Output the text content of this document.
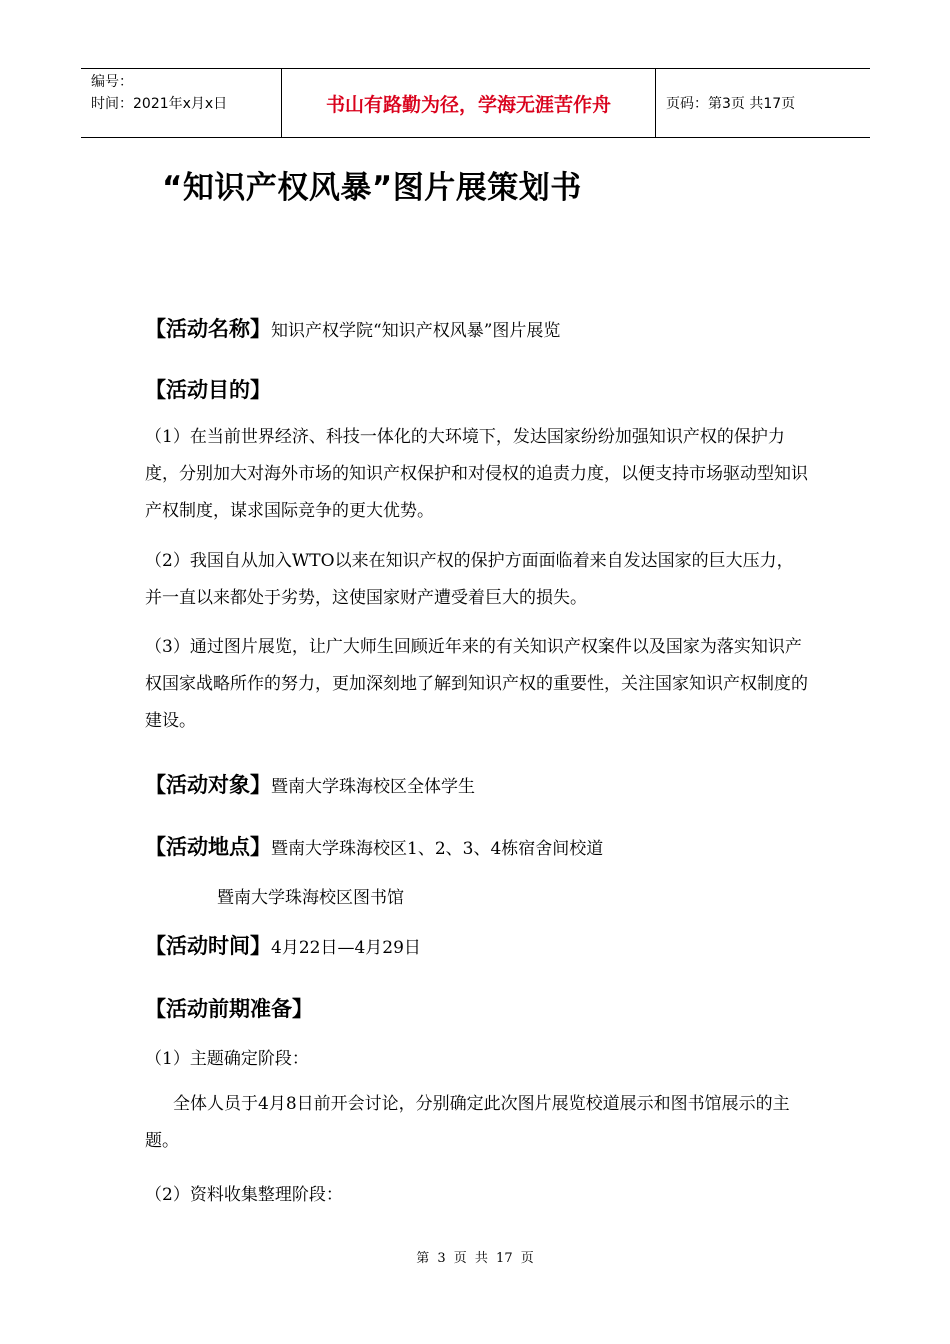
编号：
时间：2021年x月x日	书山有路勤为径，学海无涯苦作舟	页码：第3页 共17页
“知识产权风暴”图片展策划书
【活动名称】知识产权学院“知识产权风暴”图片展览
【活动目的】

（1）在当前世界经济、科技一体化的大环境下，发达国家纷纷加强知识产权的保护力度，分别加大对海外市场的知识产权保护和对侵权的追责力度，以便支持市场驱动型知识产权制度，谋求国际竞争的更大优势。

（2）我国自从加入WTO以来在知识产权的保护方面面临着来自发达国家的巨大压力，并一直以来都处于劣势，这使国家财产遭受着巨大的损失。

（3）通过图片展览，让广大师生回顾近年来的有关知识产权案件以及国家为落实知识产权国家战略所作的努力，更加深刻地了解到知识产权的重要性，关注国家知识产权制度的建设。

【活动对象】暨南大学珠海校区全体学生
【活动地点】暨南大学珠海校区1、2、3、4栋宿舍间校道
暨南大学珠海校区图书馆
【活动时间】4月22日—4月29日
【活动前期准备】
（1）主题确定阶段：

全体人员于4月8日前开会讨论，分别确定此次图片展览校道展示和图书馆展示的主题。

（2）资料收集整理阶段：
第 3 页 共 17 页
